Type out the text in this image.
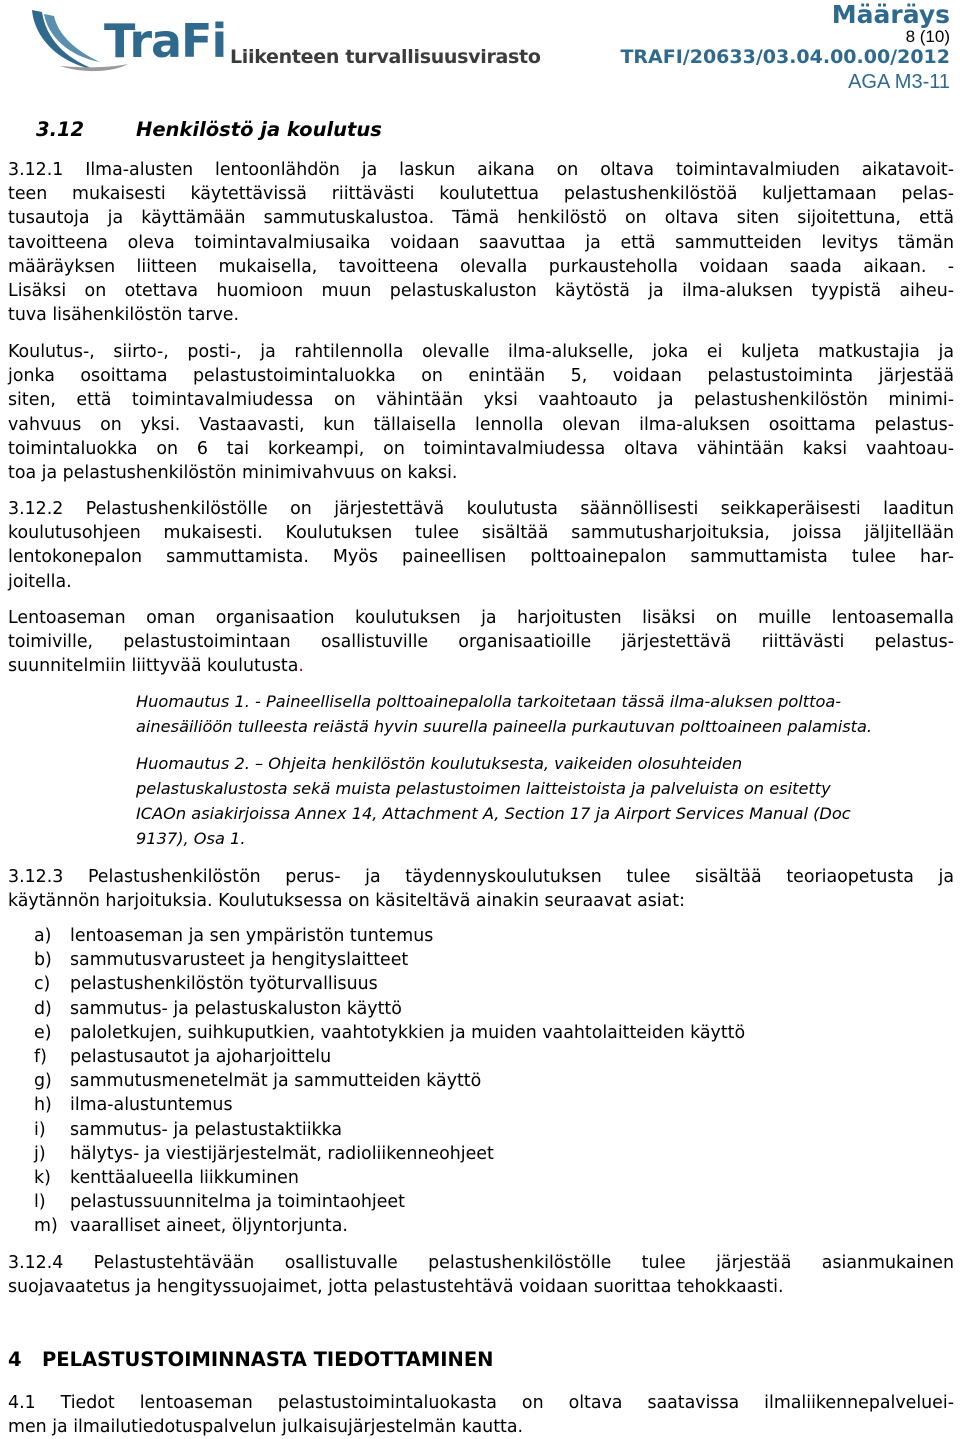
TraFi Liikenteen turvallisuusvirasto
Määräys
8 (10)
TRAFI/20633/03.04.00.00/2012
AGA M3-11
3.12	Henkilöstö ja koulutus
3.12.1 Ilma-alusten lentoonlähdön ja laskun aikana on oltava toimintavalmiuden aikatavoit-
teen mukaisesti käytettävissä riittävästi koulutettua pelastushenkilöstöä kuljettamaan pelas-
tusautoja ja käyttämään sammutuskalustoa. Tämä henkilöstö on oltava siten sijoitettuna, että
tavoitteena oleva toimintavalmiusaika voidaan saavuttaa ja että sammutteiden levitys tämän
määräyksen liitteen mukaisella, tavoitteena olevalla purkausteholla voidaan saada aikaan. -
Lisäksi on otettava huomioon muun pelastuskaluston käytöstä ja ilma-aluksen tyypistä aiheu-
tuva lisähenkilöstön tarve.
Koulutus-, siirto-, posti-, ja rahtilennolla olevalle ilma-alukselle, joka ei kuljeta matkustajia ja
jonka osoittama pelastustoimintaluokka on enintään 5, voidaan pelastustoiminta järjestää
siten, että toimintavalmiudessa on vähintään yksi vaahtoauto ja pelastushenkilöstön minimi-
vahvuus on yksi. Vastaavasti, kun tällaisella lennolla olevan ilma-aluksen osoittama pelastus-
toimintaluokka on 6 tai korkeampi, on toimintavalmiudessa oltava vähintään kaksi vaahtoau-
toa ja pelastushenkilöstön minimivahvuus on kaksi.
3.12.2 Pelastushenkilöstölle on järjestettävä koulutusta säännöllisesti seikkaperäisesti laaditun
koulutusohjeen mukaisesti. Koulutuksen tulee sisältää sammutusharjoituksia, joissa jäljitellään
lentokonepalon sammuttamista. Myös paineellisen polttoainepalon sammuttamista tulee har-
joitella.
Lentoaseman oman organisaation koulutuksen ja harjoitusten lisäksi on muille lentoasemalla
toimiville, pelastustoimintaan osallistuville organisaatioille järjestettävä riittävästi pelastus-
suunnitelmiin liittyvää koulutusta.
Huomautus 1. - Paineellisella polttoainepalolla tarkoitetaan tässä ilma-aluksen polttoa-
ainesäiliöön tulleesta reiästä hyvin suurella paineella purkautuvan polttoaineen palamista.
Huomautus 2. – Ohjeita henkilöstön koulutuksesta, vaikeiden olosuhteiden
pelastuskalustosta sekä muista pelastustoimen laitteistoista ja palveluista on esitetty
ICAOn asiakirjoissa Annex 14, Attachment A, Section 17 ja Airport Services Manual (Doc
9137), Osa 1.
3.12.3 Pelastushenkilöstön perus- ja täydennyskoulutuksen tulee sisältää teoriaopetusta ja
käytännön harjoituksia. Koulutuksessa on käsiteltävä ainakin seuraavat asiat:
a) lentoaseman ja sen ympäristön tuntemus
b) sammutusvarusteet ja hengityslaitteet
c) pelastushenkilöstön työturvallisuus
d) sammutus- ja pelastuskaluston käyttö
e) paloletkujen, suihkuputkien, vaahtotykkien ja muiden vaahtolaitteiden käyttö
f) pelastusautot ja ajoharjoittelu
g) sammutusmenetelmät ja sammutteiden käyttö
h) ilma-alustuntemus
i) sammutus- ja pelastustaktiikka
j) hälytys- ja viestijärjestelmät, radioliikenneohjeet
k) kenttäalueella liikkuminen
l) pelastussuunnitelma ja toimintaohjeet
m) vaaralliset aineet, öljyntorjunta.
3.12.4 Pelastustehtävään osallistuvalle pelastushenkilöstölle tulee järjestää asianmukainen
suojavaatetus ja hengityssuojaimet, jotta pelastustehtävä voidaan suorittaa tehokkaasti.
4 PELASTUSTOIMINNASTA TIEDOTTAMINEN
4.1 Tiedot lentoaseman pelastustoimintaluokasta on oltava saatavissa ilmaliikennepalveluei-
men ja ilmailutiedotuspalvelun julkaisujärjestelmän kautta.
